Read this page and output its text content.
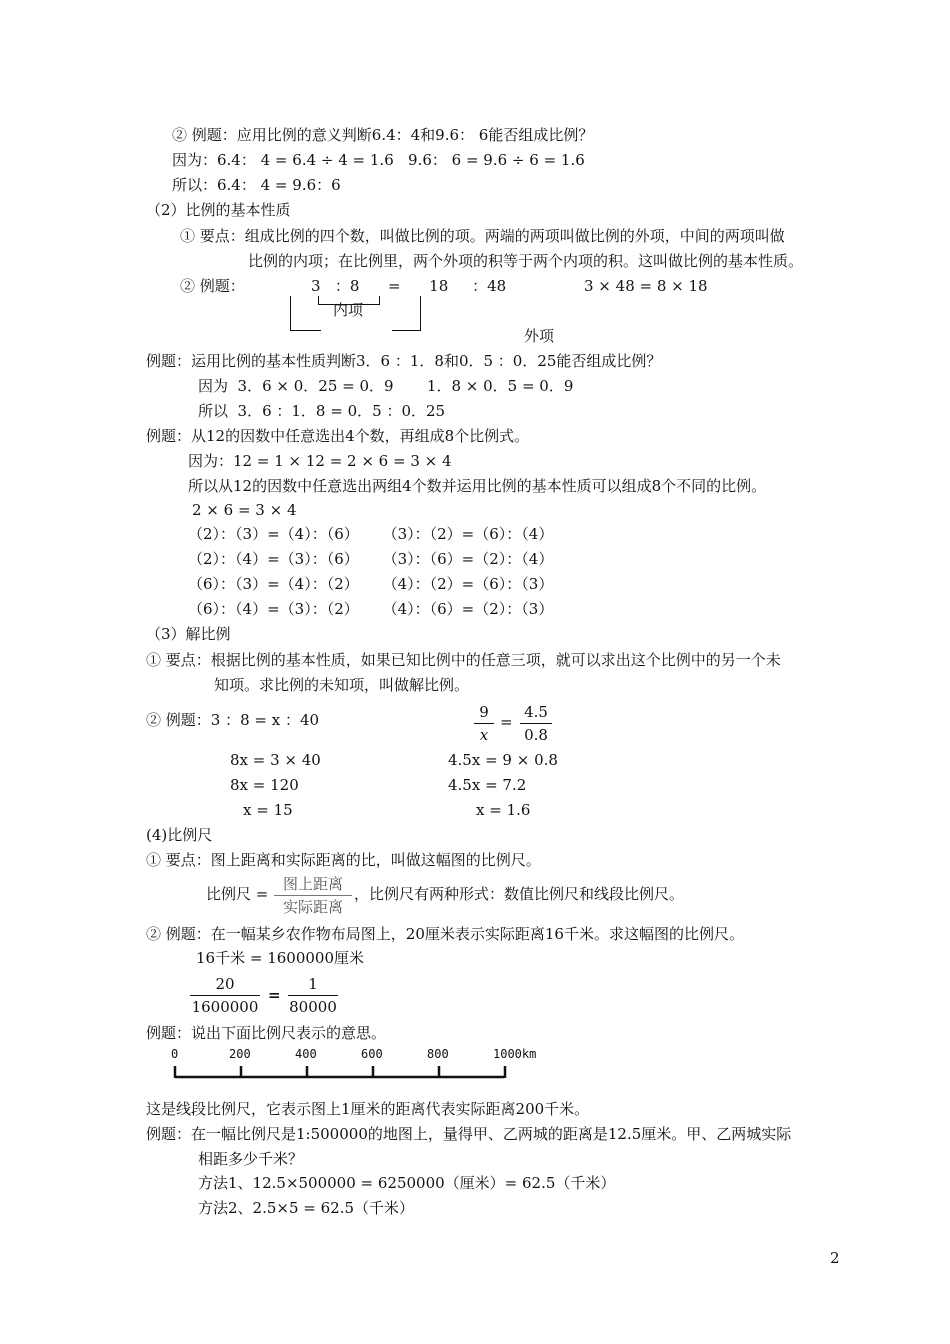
② 例题：应用比例的意义判断6.4：4和9.6： 6能否组成比例？
因为：6.4： 4 = 6.4 ÷ 4 = 1.6   9.6： 6 = 9.6 ÷ 6 = 1.6
所以：6.4： 4 = 9.6：6
（2）比例的基本性质
① 要点：组成比例的四个数，叫做比例的项。两端的两项叫做比例的外项，中间的两项叫做
比例的内项；在比例里，两个外项的积等于两个内项的积。这叫做比例的基本性质。
② 例题：	3   ：8      =      18     ：48	3 × 48 = 8 × 18
内项
外项
例题：运用比例的基本性质判断3．6 ：1．8和0．5 ：0．25能否组成比例？
因为  3．6 × 0．25 = 0．9       1．8 × 0．5 = 0．9
所以  3．6 ：1．8 = 0．5 ：0．25
例题：从12的因数中任意选出4个数，再组成8个比例式。
因为：12 = 1 × 12 = 2 × 6 = 3 × 4
所以从12的因数中任意选出两组4个数并运用比例的基本性质可以组成8个不同的比例。
2 × 6 = 3 × 4
（2）：（3）=（4）：（6）     （3）：（2）=（6）：（4）
（2）：（4）=（3）：（6）     （3）：（6）=（2）：（4）
（6）：（3）=（4）：（2）     （4）：（2）=（6）：（3）
（6）：（4）=（3）：（2）     （4）：（6）=（2）：（3）
（3）解比例
① 要点：根据比例的基本性质，如果已知比例中的任意三项，就可以求出这个比例中的另一个未
知项。求比例的未知项，叫做解比例。
② 例题：3 ：8 = x ：40	9
x
=
4.5
0.8
8x = 3 × 40	4.5x = 9 × 0.8
8x = 120	4.5x = 7.2
x = 15	x = 1.6
(4)比例尺
① 要点：图上距离和实际距离的比，叫做这幅图的比例尺。
比例尺 =
图上距离
实际距离
，比例尺有两种形式：数值比例尺和线段比例尺。
② 例题：在一幅某乡农作物布局图上，20厘米表示实际距离16千米。求这幅图的比例尺。
16千米 = 1600000厘米
20
1600000
=
1
80000
例题：说出下面比例尺表示的意思。
0	200	400	600	800	1000km
这是线段比例尺，它表示图上1厘米的距离代表实际距离200千米。
例题：在一幅比例尺是1:500000的地图上，量得甲、乙两城的距离是12.5厘米。甲、乙两城实际
相距多少千米？
方法1、12.5×500000 = 6250000（厘米）= 62.5（千米）
方法2、2.5×5 = 62.5（千米）
2
